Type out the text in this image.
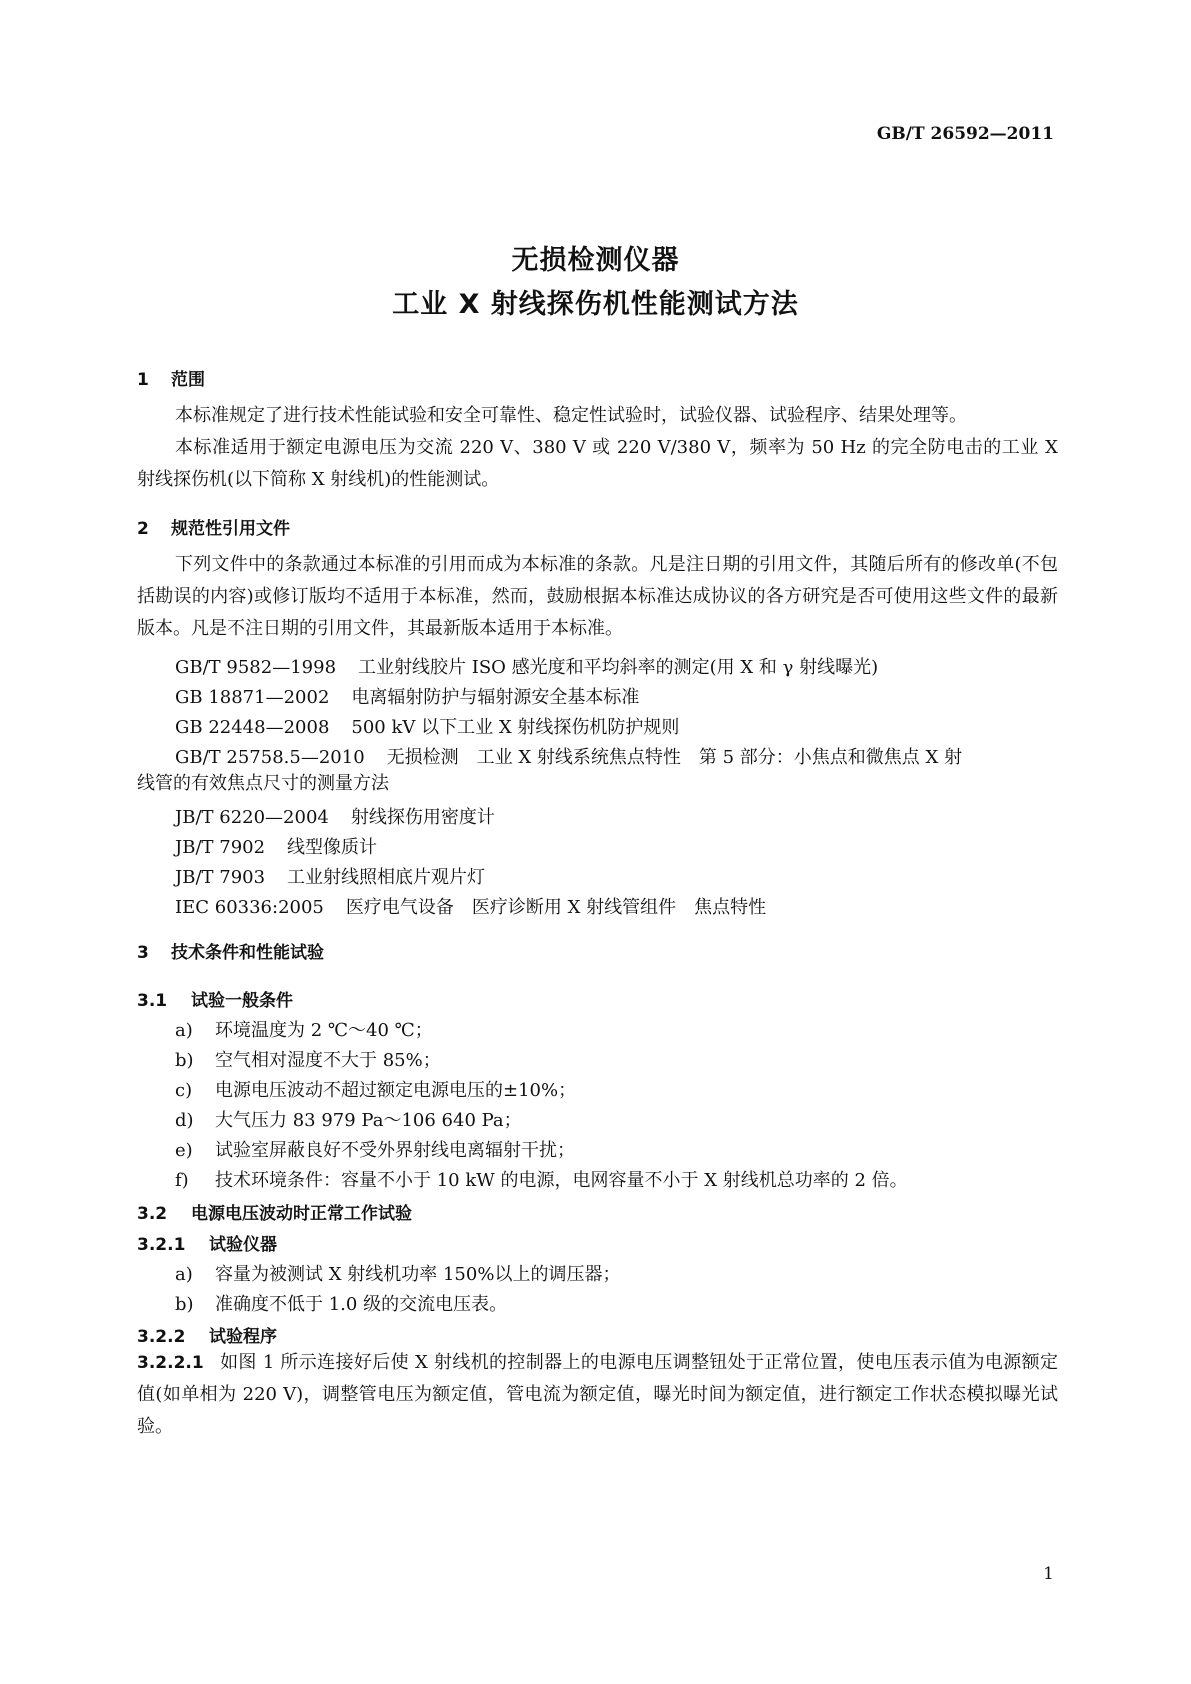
GB/T 26592—2011
无损检测仪器
工业 X 射线探伤机性能测试方法
1 范围
本标准规定了进行技术性能试验和安全可靠性、稳定性试验时，试验仪器、试验程序、结果处理等。
本标准适用于额定电源电压为交流 220 V、380 V 或 220 V/380 V，频率为 50 Hz 的完全防电击的工业 X 射线探伤机(以下简称 X 射线机)的性能测试。
2 规范性引用文件
下列文件中的条款通过本标准的引用而成为本标准的条款。凡是注日期的引用文件，其随后所有的修改单(不包括勘误的内容)或修订版均不适用于本标准，然而，鼓励根据本标准达成协议的各方研究是否可使用这些文件的最新版本。凡是不注日期的引用文件，其最新版本适用于本标准。
GB/T 9582—1998 工业射线胶片 ISO 感光度和平均斜率的测定(用 X 和 γ 射线曝光)
GB 18871—2002 电离辐射防护与辐射源安全基本标准
GB 22448—2008 500 kV 以下工业 X 射线探伤机防护规则
GB/T 25758.5—2010 无损检测　工业 X 射线系统焦点特性　第 5 部分：小焦点和微焦点 X 射
线管的有效焦点尺寸的测量方法
JB/T 6220—2004 射线探伤用密度计
JB/T 7902 线型像质计
JB/T 7903 工业射线照相底片观片灯
IEC 60336:2005 医疗电气设备　医疗诊断用 X 射线管组件　焦点特性
3 技术条件和性能试验
3.1 试验一般条件
a) 环境温度为 2 ℃～40 ℃；
b) 空气相对湿度不大于 85%；
c) 电源电压波动不超过额定电源电压的±10%；
d) 大气压力 83 979 Pa～106 640 Pa；
e) 试验室屏蔽良好不受外界射线电离辐射干扰；
f) 技术环境条件：容量不小于 10 kW 的电源，电网容量不小于 X 射线机总功率的 2 倍。
3.2 电源电压波动时正常工作试验
3.2.1 试验仪器
a) 容量为被测试 X 射线机功率 150%以上的调压器；
b) 准确度不低于 1.0 级的交流电压表。
3.2.2 试验程序
3.2.2.1 如图 1 所示连接好后使 X 射线机的控制器上的电源电压调整钮处于正常位置，使电压表示值为电源额定值(如单相为 220 V)，调整管电压为额定值，管电流为额定值，曝光时间为额定值，进行额定工作状态模拟曝光试验。
1
